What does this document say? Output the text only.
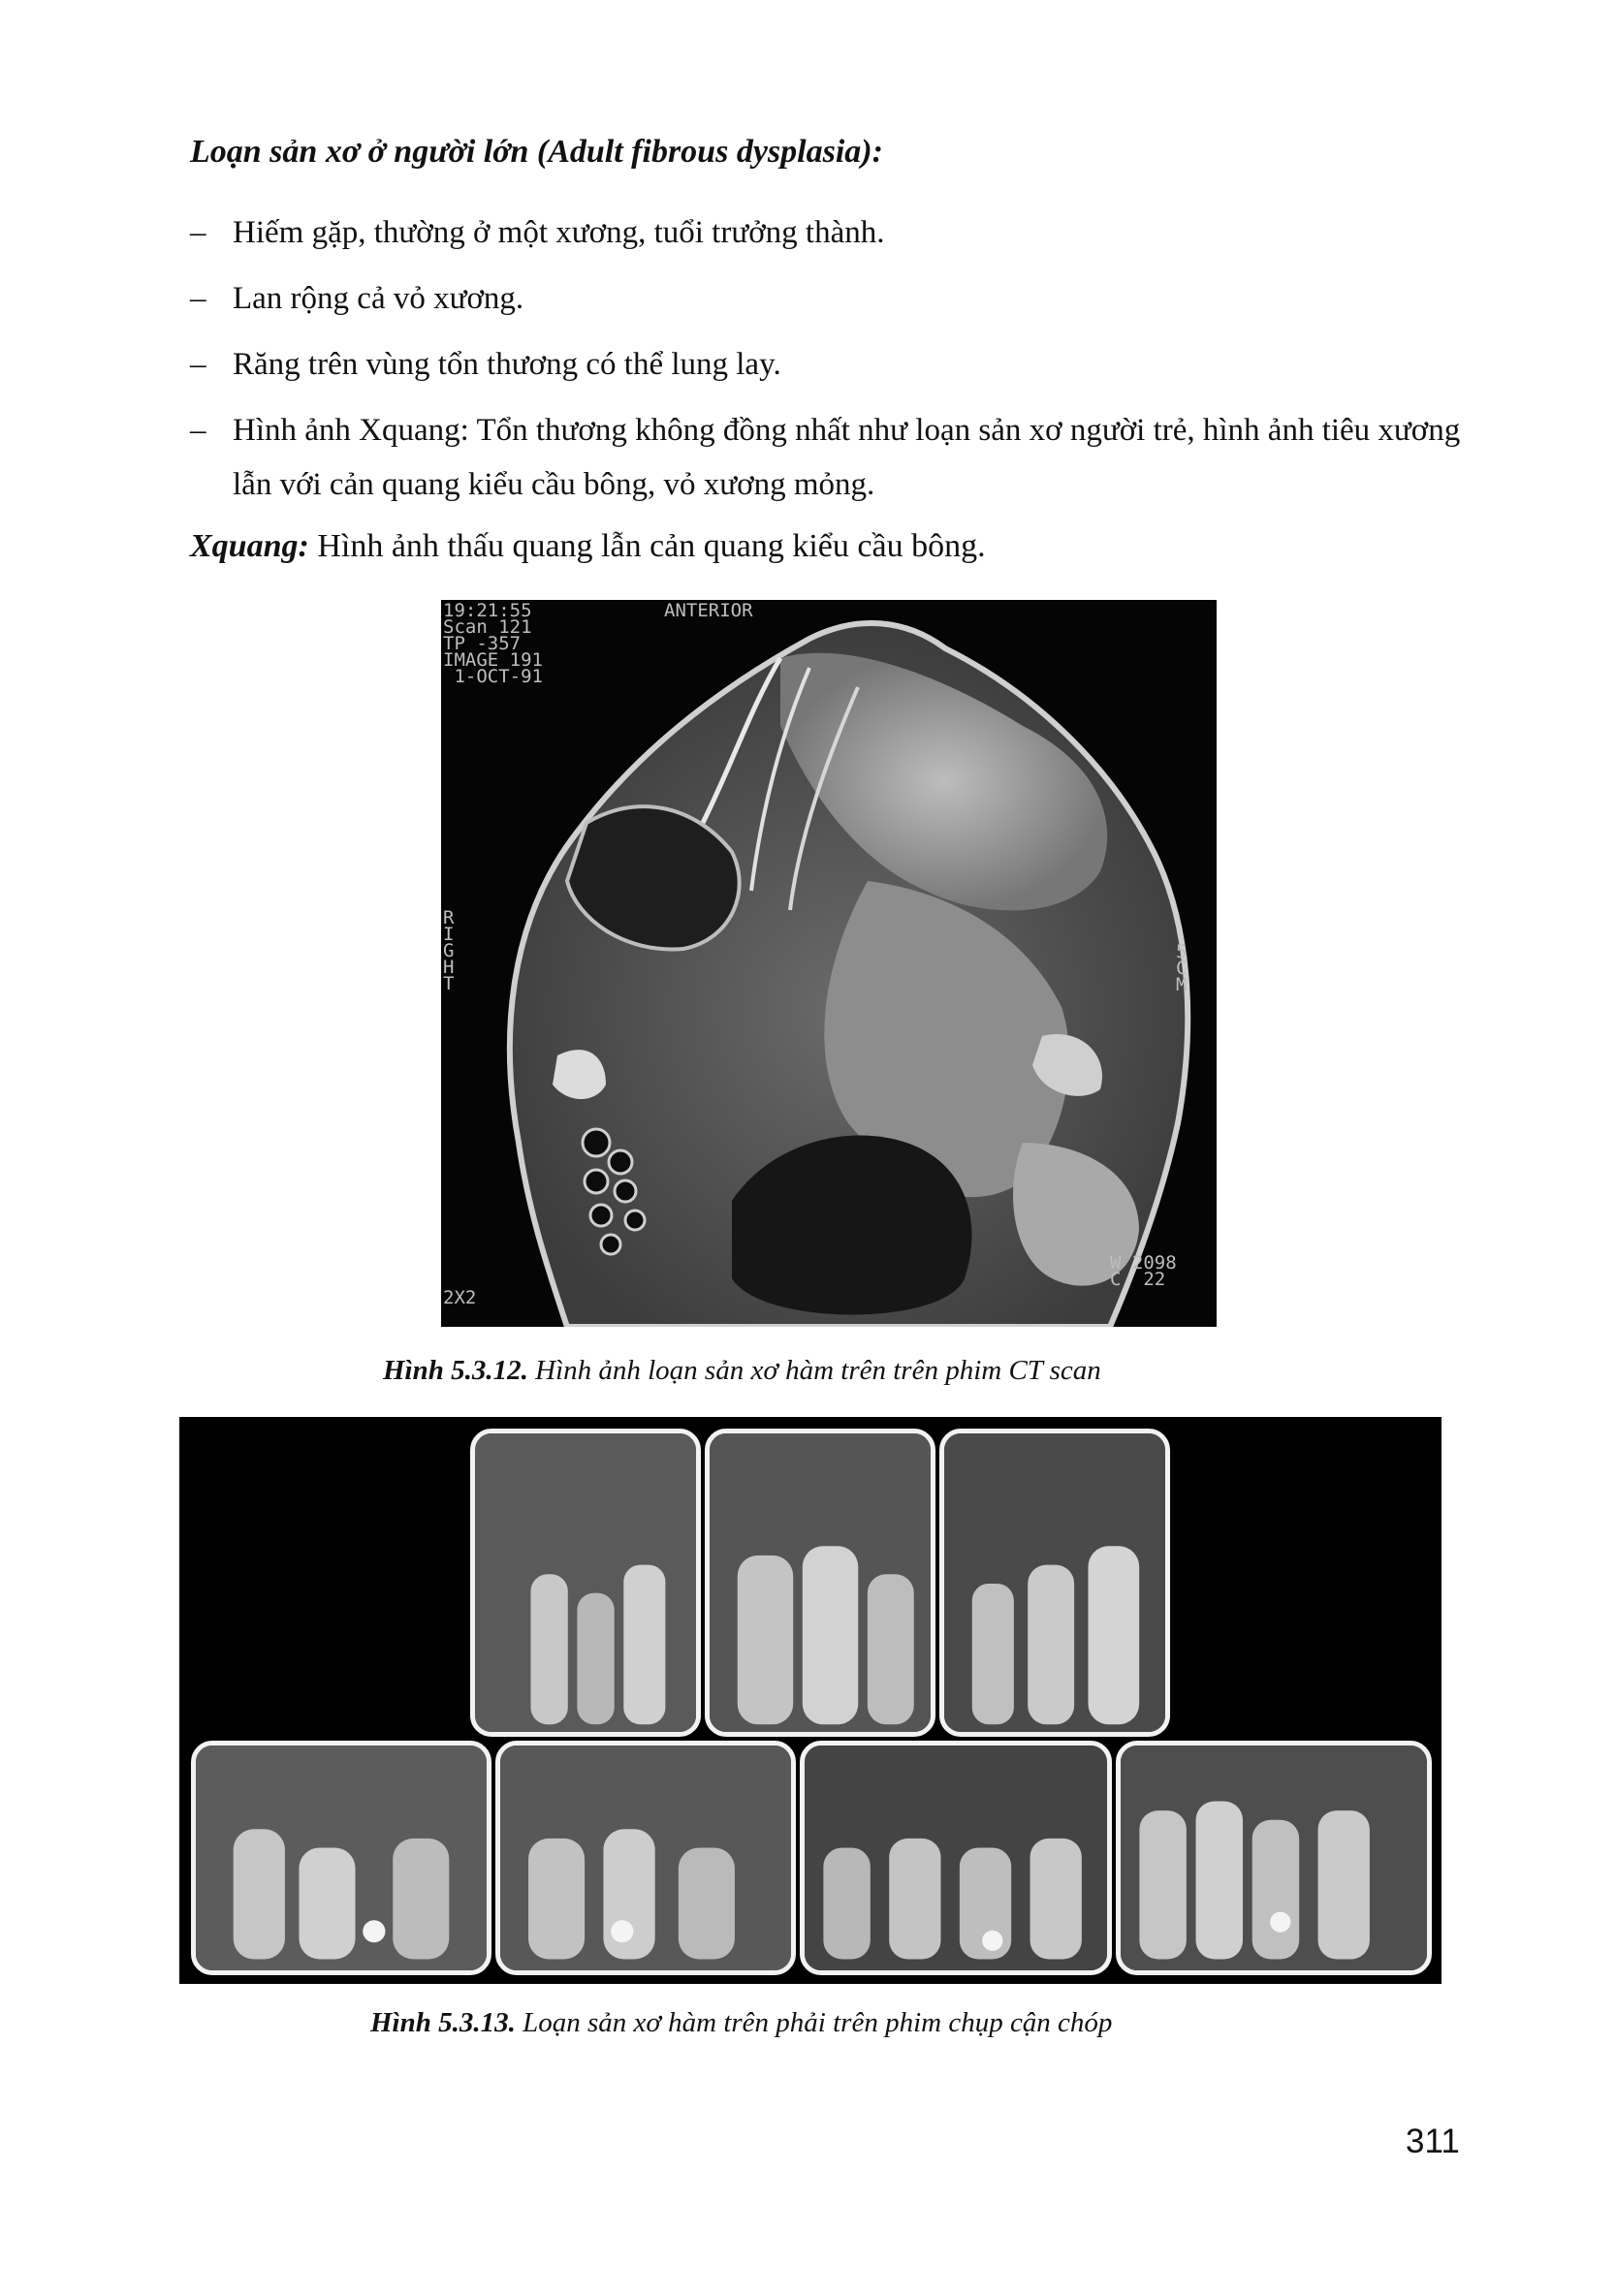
Loạn sản xơ ở người lớn (Adult fibrous dysplasia):
– Hiếm gặp, thường ở một xương, tuổi trưởng thành.
– Lan rộng cả vỏ xương.
– Răng trên vùng tổn thương có thể lung lay.
– Hình ảnh Xquang: Tổn thương không đồng nhất như loạn sản xơ người trẻ, hình ảnh tiêu xương lẫn với cản quang kiểu cầu bông, vỏ xương mỏng.
Xquang: Hình ảnh thấu quang lẫn cản quang kiểu cầu bông.
19:21:55
Scan 121
TP -357
IMAGE 191
1-OCT-91
ANTERIOR
R
I
G
H
T
5
C
M
W 2098
C  22
2X2
Hình 5.3.12. Hình ảnh loạn sản xơ hàm trên trên phim CT scan
Hình 5.3.13. Loạn sản xơ hàm trên phải trên phim chụp cận chóp
311
